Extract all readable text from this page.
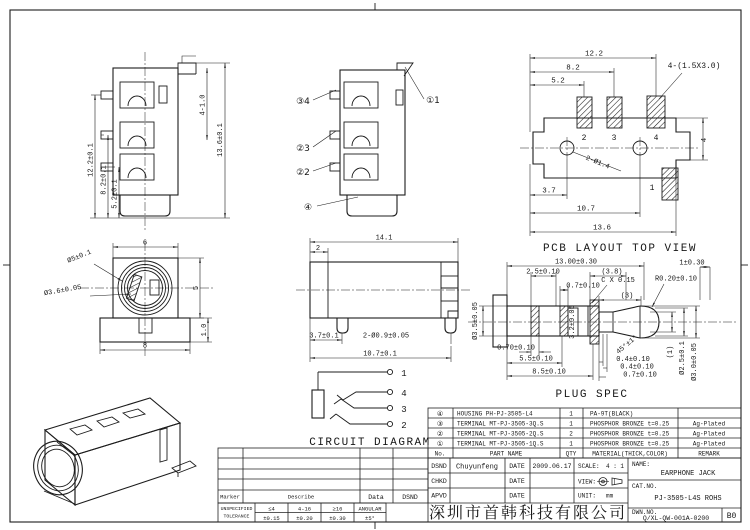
12.2±0.1
8.2±0.1 5.2±0.1
4-1.0
13.6±0.1
③4
②3
②2
④
①1
2-Ø1.4
2	3	4
1
12.2
8.2
5.2
4-(1.5X3.0)
4
3.7
10.7
13.6
PCB LAYOUT TOP VIEW
6
5
8
1.0
Ø5±0.1
Ø3.6±0.05
14.1
2
3.7±0.1	2-Ø0.9±0.05
10.7±0.1
13.00±0.30
2.5±0.10
0.7±0.10
(3.8)
C X 0.15
(3)
1±0.30
R0.20±0.10
Ø3.5±0.05	3.2±0.05
0.70±0.10
5.5±0.10
8.5±0.10
0.4±0.10
0.4±0.10
0.7±0.10
45°±1°	(1) Ø2.5±0.1 Ø3.0±0.05
PLUG SPEC
1
4
3
2
CIRCUIT DIAGRAM
④ HOUSING PH-PJ-3505-L4	1	PA-9T(BLACK)
③ TERMINAL MT-PJ-3505-3Q.S	1	PHOSPHOR BRONZE t=0.25	Ag-Plated
② TERMINAL MT-PJ-3505-2Q.S	2	PHOSPHOR BRONZE t=0.25	Ag-Plated
① TERMINAL MT-PJ-3505-1Q.S	1	PHOSPHOR BRONZE t=0.25	Ag-Plated
No.	PART NAME	QTY	MATERIAL(THICK,COLOR)	REMARK
DSND Chuyunfeng DATE 2009.06.17 SCALE: 4 : 1
CHKD	DATE	VIEW:
APVD	DATE	UNIT: mm
NAME:
EARPHONE JACK
CAT.NO.
PJ-3505-L4S ROHS
DWN.NO.
Q/XL-QW-001A-0200 B0
深圳市首韩科技有限公司
Marker	Describe	Data	DSND
UNSPECIFIED
TOLERANCE
≤4	4-16	≥16	ANGULAR
±0.15	±0.20	±0.30	±5°
